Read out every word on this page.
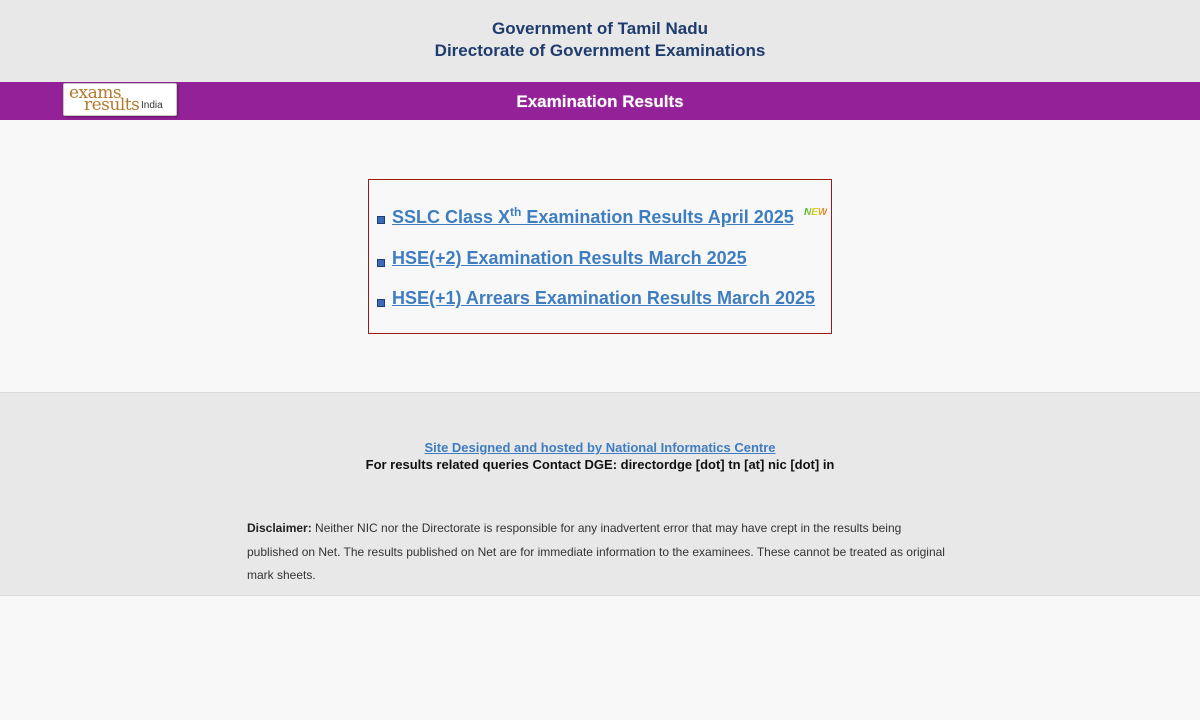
Government of Tamil Nadu
Directorate of Government Examinations
Examination Results
exams
results India
SSLC Class Xth Examination Results April 2025 NEW
HSE(+2) Examination Results March 2025
HSE(+1) Arrears Examination Results March 2025
Site Designed and hosted by National Informatics Centre
For results related queries Contact DGE: directordge [dot] tn [at] nic [dot] in
Disclaimer: Neither NIC nor the Directorate is responsible for any inadvertent error that may have crept in the results being published on Net. The results published on Net are for immediate information to the examinees. These cannot be treated as original mark sheets.
